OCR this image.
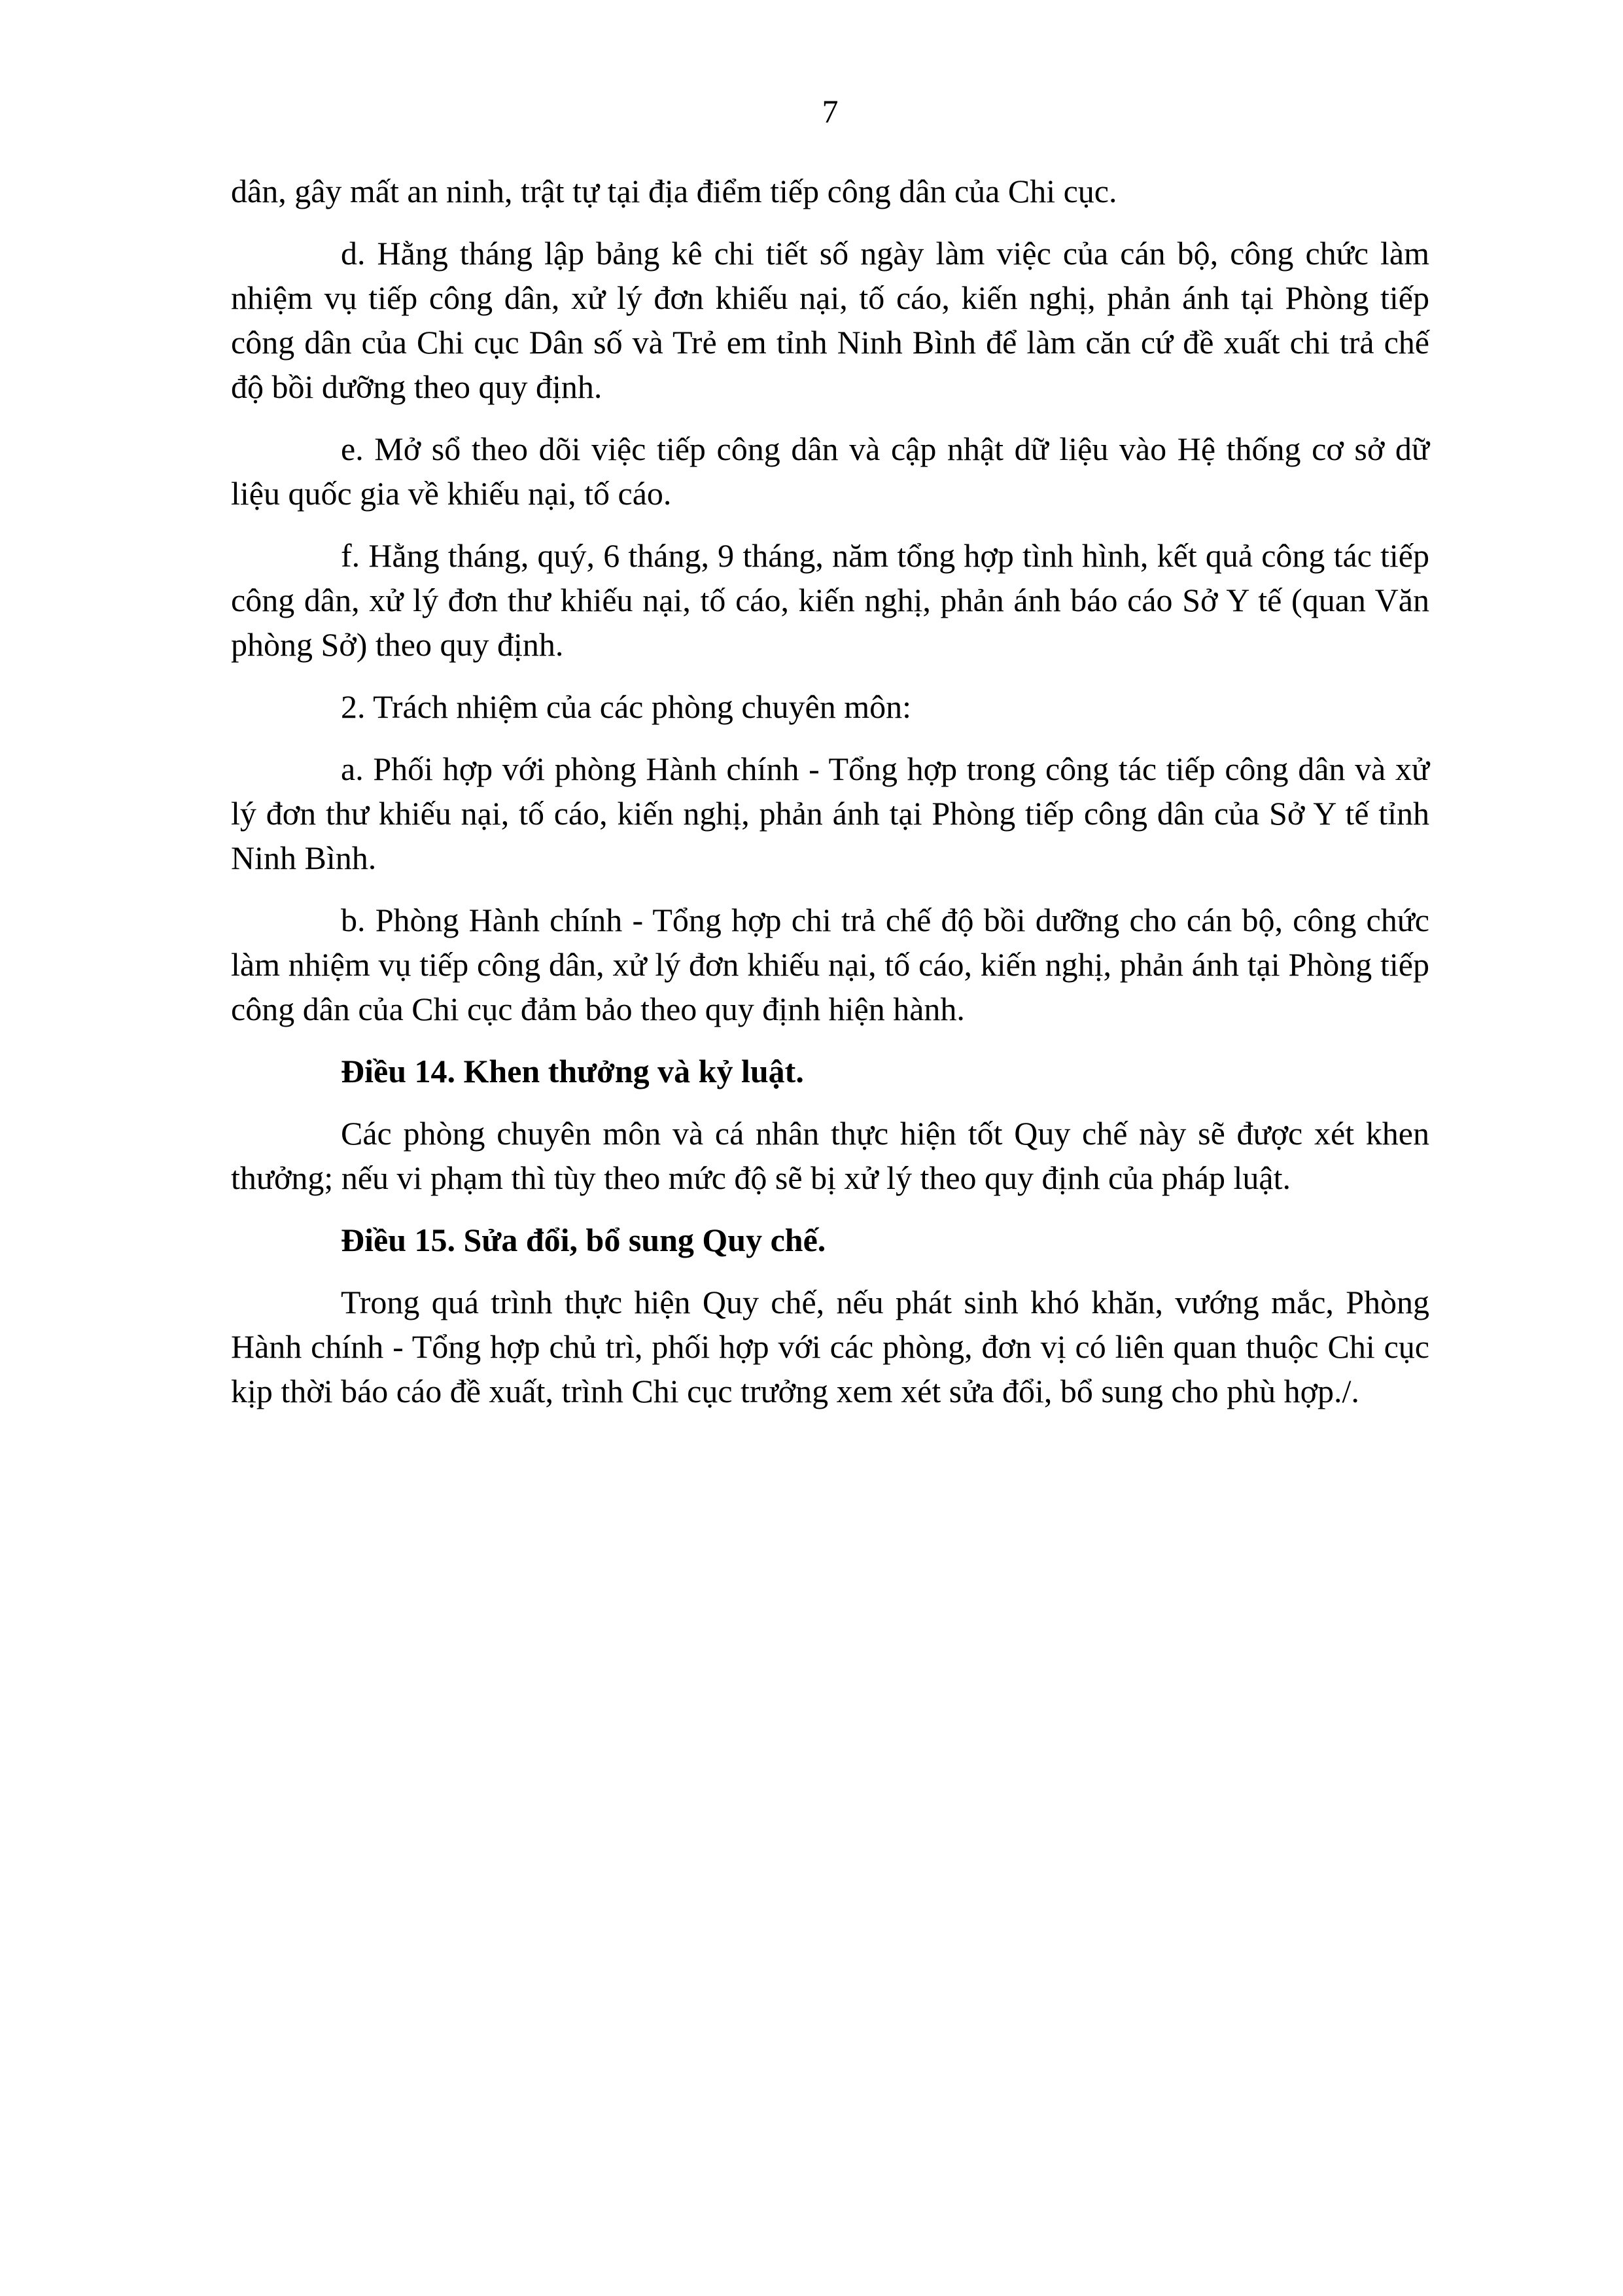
7

dân, gây mất an ninh, trật tự tại địa điểm tiếp công dân của Chi cục.

d. Hằng tháng lập bảng kê chi tiết số ngày làm việc của cán bộ, công chức làm nhiệm vụ tiếp công dân, xử lý đơn khiếu nại, tố cáo, kiến nghị, phản ánh tại Phòng tiếp công dân của Chi cục Dân số và Trẻ em tỉnh Ninh Bình để làm căn cứ đề xuất chi trả chế độ bồi dưỡng theo quy định.

e. Mở sổ theo dõi việc tiếp công dân và cập nhật dữ liệu vào Hệ thống cơ sở dữ liệu quốc gia về khiếu nại, tố cáo.

f. Hằng tháng, quý, 6 tháng, 9 tháng, năm tổng hợp tình hình, kết quả công tác tiếp công dân, xử lý đơn thư khiếu nại, tố cáo, kiến nghị, phản ánh báo cáo Sở Y tế (quan Văn phòng Sở) theo quy định.

2. Trách nhiệm của các phòng chuyên môn:

a. Phối hợp với phòng Hành chính - Tổng hợp trong công tác tiếp công dân và xử lý đơn thư khiếu nại, tố cáo, kiến nghị, phản ánh tại Phòng tiếp công dân của Sở Y tế tỉnh Ninh Bình.

b. Phòng Hành chính - Tổng hợp chi trả chế độ bồi dưỡng cho cán bộ, công chức làm nhiệm vụ tiếp công dân, xử lý đơn khiếu nại, tố cáo, kiến nghị, phản ánh tại Phòng tiếp công dân của Chi cục đảm bảo theo quy định hiện hành.

Điều 14. Khen thưởng và kỷ luật.

Các phòng chuyên môn và cá nhân thực hiện tốt Quy chế này sẽ được xét khen thưởng; nếu vi phạm thì tùy theo mức độ sẽ bị xử lý theo quy định của pháp luật.

Điều 15. Sửa đổi, bổ sung Quy chế.

Trong quá trình thực hiện Quy chế, nếu phát sinh khó khăn, vướng mắc, Phòng Hành chính - Tổng hợp chủ trì, phối hợp với các phòng, đơn vị có liên quan thuộc Chi cục kịp thời báo cáo đề xuất, trình Chi cục trưởng xem xét sửa đổi, bổ sung cho phù hợp./.
